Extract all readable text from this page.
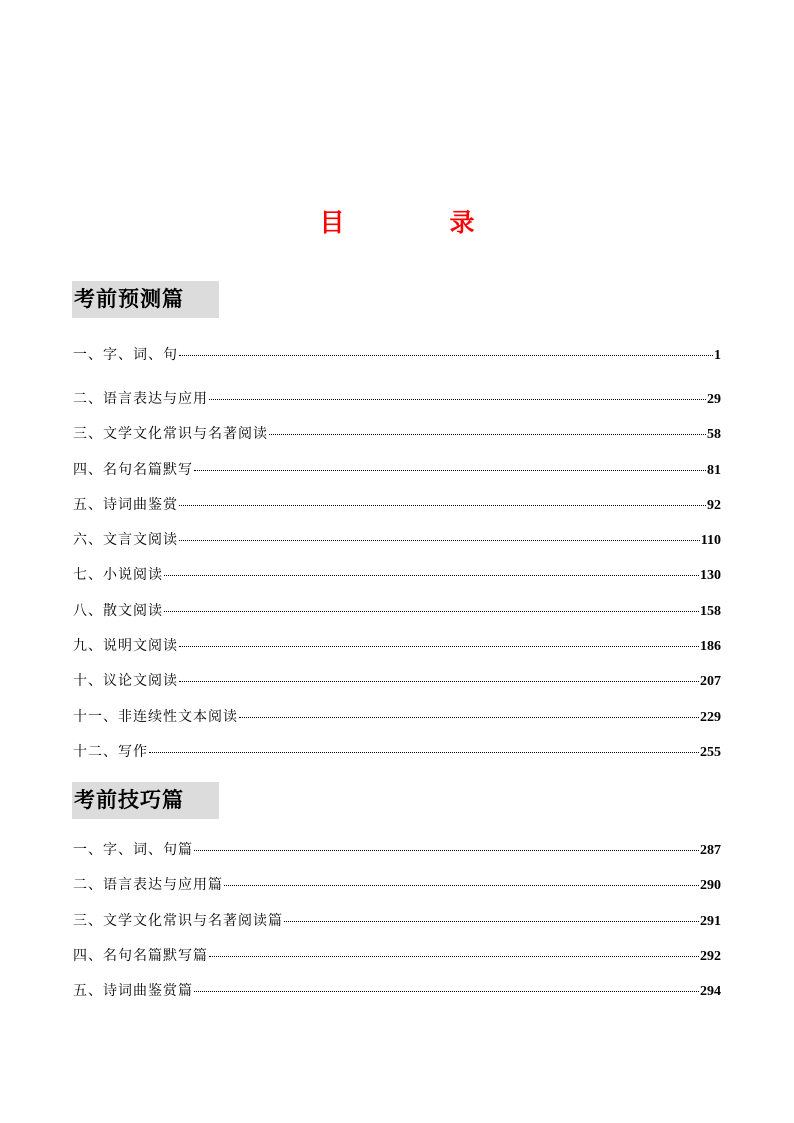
目　录
考前预测篇
一、字、词、句	1
二、语言表达与应用	29
三、文学文化常识与名著阅读	58
四、名句名篇默写	81
五、诗词曲鉴赏	92
六、文言文阅读	110
七、小说阅读	130
八、散文阅读	158
九、说明文阅读	186
十、议论文阅读	207
十一、非连续性文本阅读	229
十二、写作	255
考前技巧篇
一、字、词、句篇	287
二、语言表达与应用篇	290
三、文学文化常识与名著阅读篇	291
四、名句名篇默写篇	292
五、诗词曲鉴赏篇	294
